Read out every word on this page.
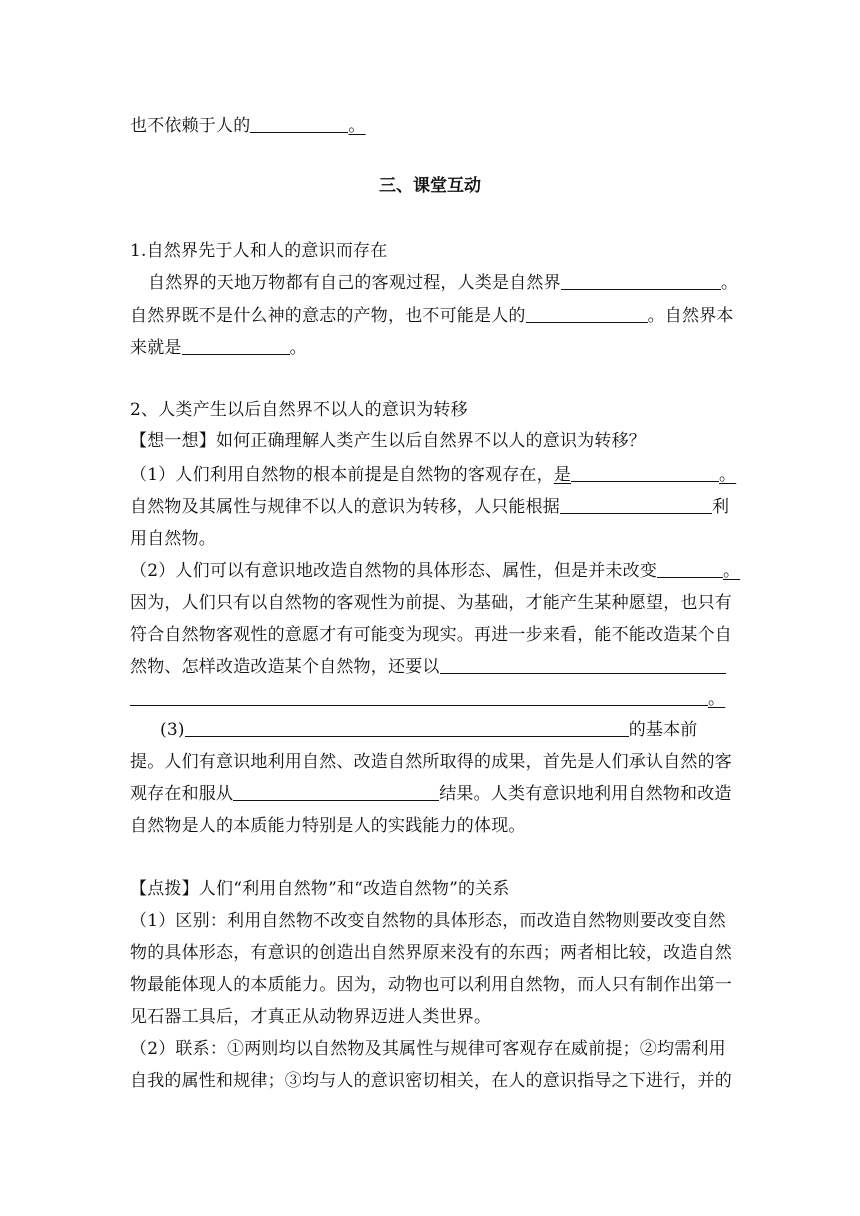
也不依赖于人的	。
三、课堂互动
1.自然界先于人和人的意识而存在
自然界的天地万物都有自己的客观过程，人类是自然界	。
自然界既不是什么神的意志的产物，也不可能是人的	。自然界本
来就是	。
2、人类产生以后自然界不以人的意识为转移
【想一想】如何正确理解人类产生以后自然界不以人的意识为转移？
（1）人们利用自然物的根本前提是自然物的客观存在，是	。
自然物及其属性与规律不以人的意识为转移，人只能根据	利
用自然物。
（2）人们可以有意识地改造自然物的具体形态、属性，但是并未改变	。
因为，人们只有以自然物的客观性为前提、为基础，才能产生某种愿望，也只有
符合自然物客观性的意愿才有可能变为现实。再进一步来看，能不能改造某个自
然物、怎样改造改造某个自然物，还要以
。
(3)	的基本前
提。人们有意识地利用自然、改造自然所取得的成果，首先是人们承认自然的客
观存在和服从	结果。人类有意识地利用自然物和改造
自然物是人的本质能力特别是人的实践能力的体现。
【点拨】人们“利用自然物”和“改造自然物”的关系
（1）区别：利用自然物不改变自然物的具体形态，而改造自然物则要改变自然
物的具体形态，有意识的创造出自然界原来没有的东西；两者相比较，改造自然
物最能体现人的本质能力。因为，动物也可以利用自然物，而人只有制作出第一
见石器工具后，才真正从动物界迈进人类世界。
（2）联系：①两则均以自然物及其属性与规律可客观存在威前提；②均需利用
自我的属性和规律；③均与人的意识密切相关，在人的意识指导之下进行，并的
